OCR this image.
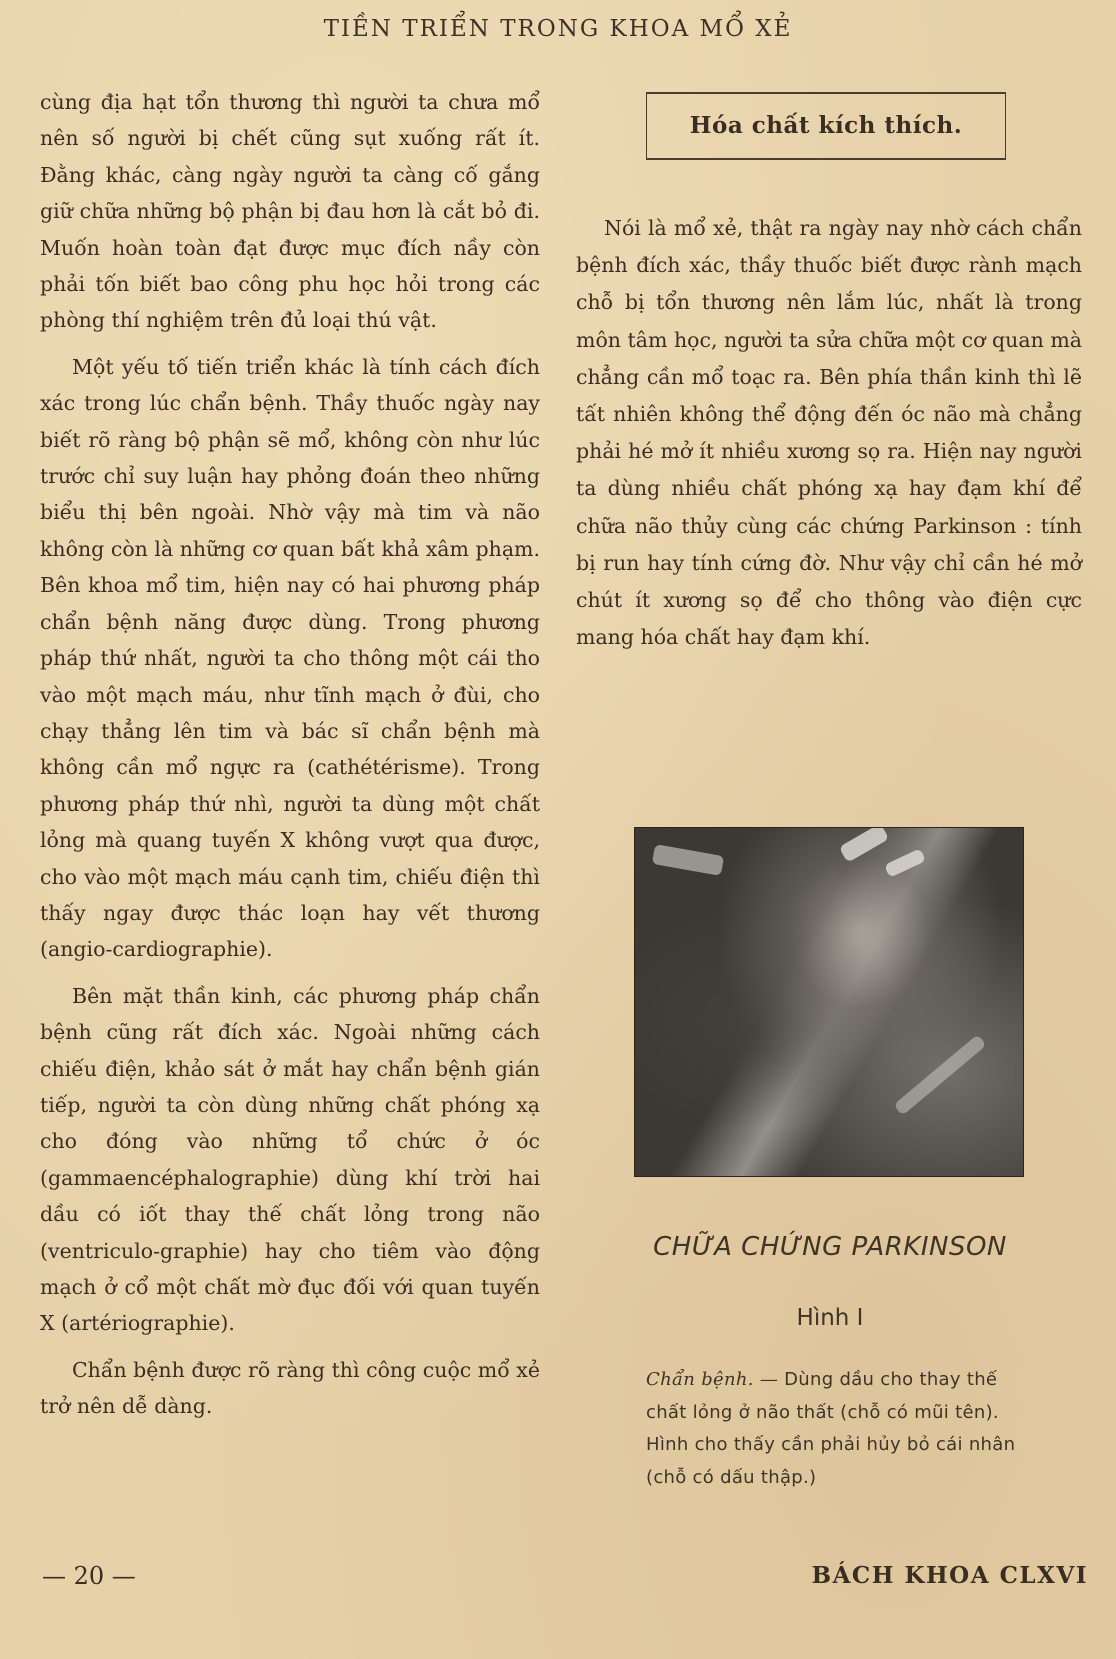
TIỀN TRIỂN TRONG KHOA MỔ XẺ

cùng địa hạt tổn thương thì người ta chưa mổ nên số người bị chết cũng sụt xuống rất ít. Đằng khác, càng ngày người ta càng cố gắng giữ chữa những bộ phận bị đau hơn là cắt bỏ đi. Muốn hoàn toàn đạt được mục đích nầy còn phải tốn biết bao công phu học hỏi trong các phòng thí nghiệm trên đủ loại thú vật.

Một yếu tố tiến triển khác là tính cách đích xác trong lúc chẩn bệnh. Thầy thuốc ngày nay biết rõ ràng bộ phận sẽ mổ, không còn như lúc trước chỉ suy luận hay phỏng đoán theo những biểu thị bên ngoài. Nhờ vậy mà tim và não không còn là những cơ quan bất khả xâm phạm. Bên khoa mổ tim, hiện nay có hai phương pháp chẩn bệnh năng được dùng. Trong phương pháp thứ nhất, người ta cho thông một cái tho vào một mạch máu, như tĩnh mạch ở đùi, cho chạy thẳng lên tim và bác sĩ chẩn bệnh mà không cần mổ ngực ra (cathétérisme). Trong phương pháp thứ nhì, người ta dùng một chất lỏng mà quang tuyến X không vượt qua được, cho vào một mạch máu cạnh tim, chiếu điện thì thấy ngay được thác loạn hay vết thương (angio-cardiographie).

Bên mặt thần kinh, các phương pháp chẩn bệnh cũng rất đích xác. Ngoài những cách chiếu điện, khảo sát ở mắt hay chẩn bệnh gián tiếp, người ta còn dùng những chất phóng xạ cho đóng vào những tổ chức ở óc (gammaencéphalographie) dùng khí trời hai dầu có iốt thay thế chất lỏng trong não (ventriculo-graphie) hay cho tiêm vào động mạch ở cổ một chất mờ đục đối với quan tuyến X (artériographie).

Chẩn bệnh được rõ ràng thì công cuộc mổ xẻ trở nên dễ dàng.

Hóa chất kích thích.

Nói là mổ xẻ, thật ra ngày nay nhờ cách chẩn bệnh đích xác, thầy thuốc biết được rành mạch chỗ bị tổn thương nên lắm lúc, nhất là trong môn tâm học, người ta sửa chữa một cơ quan mà chẳng cần mổ toạc ra. Bên phía thần kinh thì lẽ tất nhiên không thể động đến óc não mà chẳng phải hé mở ít nhiều xương sọ ra. Hiện nay người ta dùng nhiều chất phóng xạ hay đạm khí để chữa não thủy cùng các chứng Parkinson : tính bị run hay tính cứng đờ. Như vậy chỉ cần hé mở chút ít xương sọ để cho thông vào điện cực mang hóa chất hay đạm khí.

CHỮA CHỨNG PARKINSON
Hình I
Chẩn bệnh. — Dùng dầu cho thay thế chất lỏng ở não thất (chỗ có mũi tên). Hình cho thấy cần phải hủy bỏ cái nhân (chỗ có dấu thập.)
— 20 —	BÁCH KHOA CLXVI
